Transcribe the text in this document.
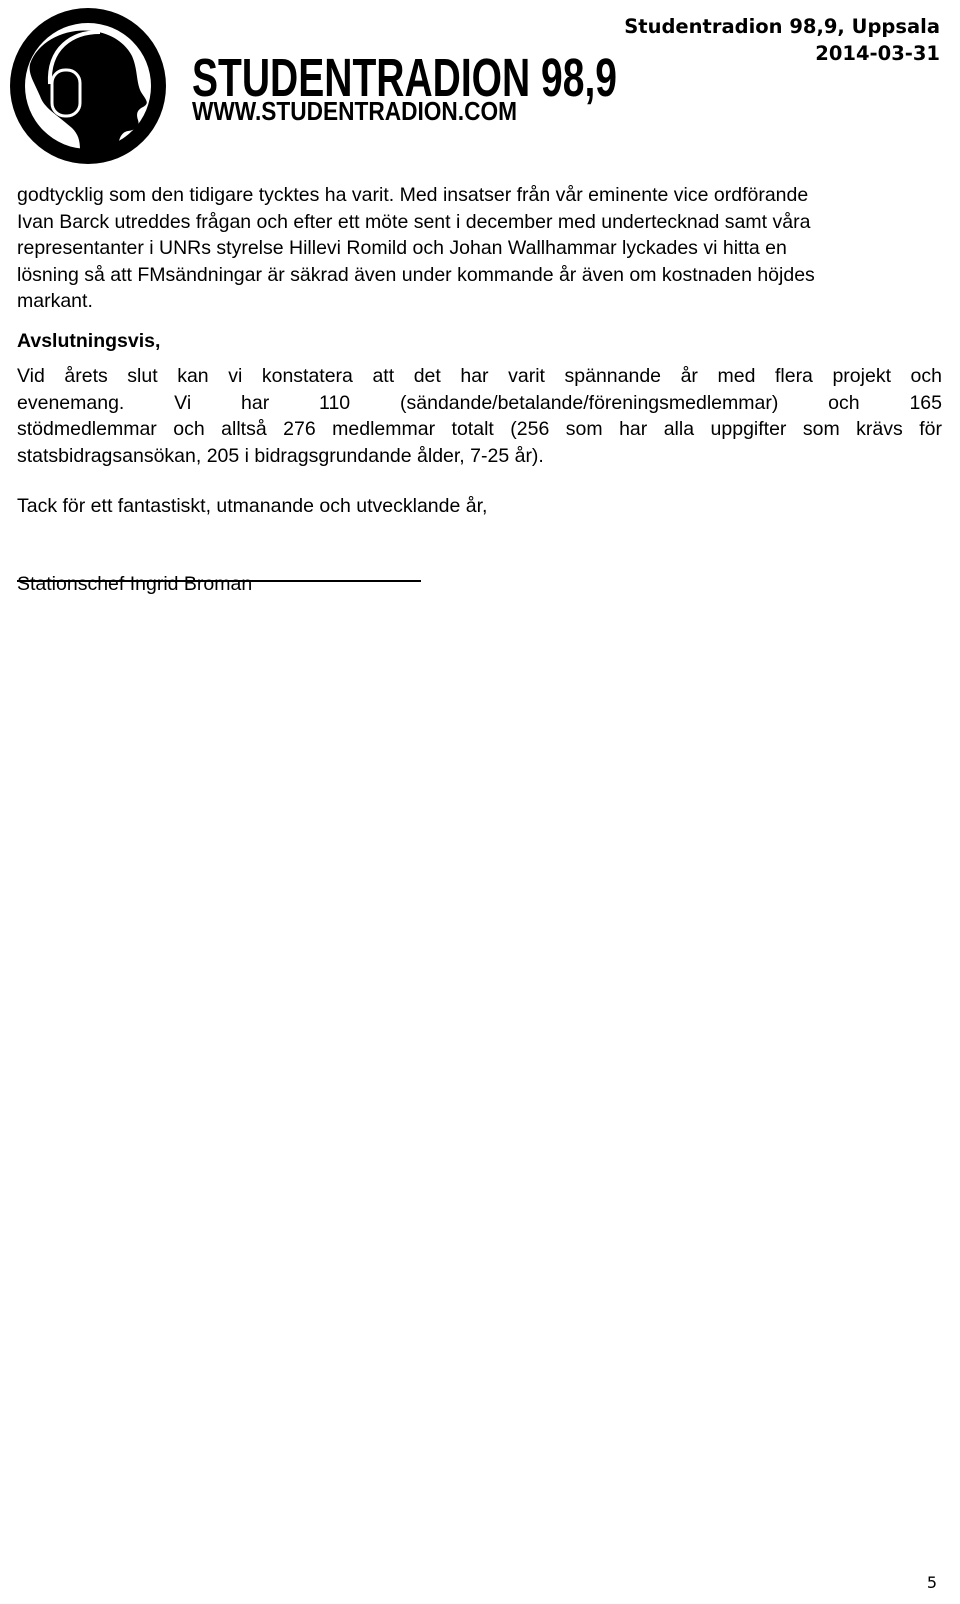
STUDENTRADION 98,9
WWW.STUDENTRADION.COM
Studentradion 98,9, Uppsala
2014-03-31
godtycklig som den tidigare tycktes ha varit. Med insatser från vår eminente vice ordförande
Ivan Barck utreddes frågan och efter ett möte sent i december med undertecknad samt våra
representanter i UNRs styrelse Hillevi Romild och Johan Wallhammar lyckades vi hitta en
lösning så att FMsändningar är säkrad även under kommande år även om kostnaden höjdes
markant.
Avslutningsvis,
Vid årets slut kan vi konstatera att det har varit spännande år med flera projekt och
evenemang. Vi har 110 (sändande/betalande/föreningsmedlemmar) och 165
stödmedlemmar och alltså 276 medlemmar totalt (256 som har alla uppgifter som krävs för
statsbidragsansökan, 205 i bidragsgrundande ålder, 7-25 år).
Tack för ett fantastiskt, utmanande och utvecklande år,
Stationschef Ingrid Broman
5
